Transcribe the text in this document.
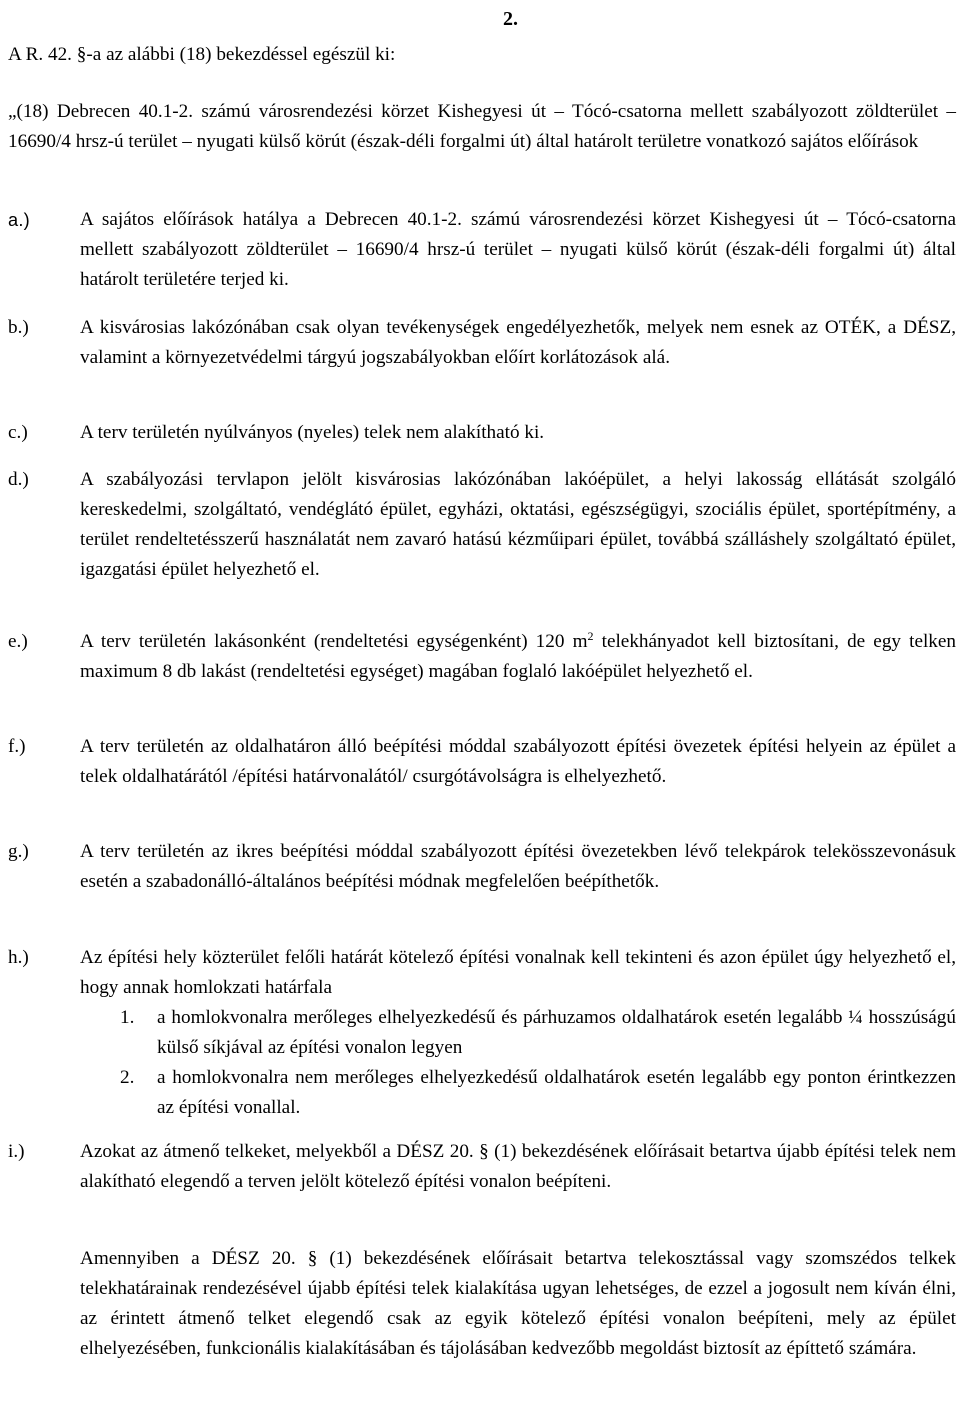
2.
A R. 42. §-a az alábbi (18) bekezdéssel egészül ki:
„(18) Debrecen 40.1-2. számú városrendezési körzet Kishegyesi út – Tócó-csatorna mellett szabályozott zöldterület – 16690/4 hrsz-ú terület – nyugati külső körút (észak-déli forgalmi út) által határolt területre vonatkozó sajátos előírások
a.)	A sajátos előírások hatálya a Debrecen 40.1-2. számú városrendezési körzet Kishegyesi út – Tócó-csatorna mellett szabályozott zöldterület – 16690/4 hrsz-ú terület – nyugati külső körút (észak-déli forgalmi út) által határolt területére terjed ki.
b.)	A kisvárosias lakózónában csak olyan tevékenységek engedélyezhetők, melyek nem esnek az OTÉK, a DÉSZ, valamint a környezetvédelmi tárgyú jogszabályokban előírt korlátozások alá.
c.)	A terv területén nyúlványos (nyeles) telek nem alakítható ki.
d.)	A szabályozási tervlapon jelölt kisvárosias lakózónában lakóépület, a helyi lakosság ellátását szolgáló kereskedelmi, szolgáltató, vendéglátó épület, egyházi, oktatási, egészségügyi, szociális épület, sportépítmény, a terület rendeltetésszerű használatát nem zavaró hatású kézműipari épület, továbbá szálláshely szolgáltató épület, igazgatási épület helyezhető el.
e.)	A terv területén lakásonként (rendeltetési egységenként) 120 $m^2$ telekhányadot kell biztosítani, de egy telken maximum 8 db lakást (rendeltetési egységet) magában foglaló lakóépület helyezhető el.
f.)	A terv területén az oldalhatáron álló beépítési móddal szabályozott építési övezetek építési helyein az épület a telek oldalhatárától /építési határvonalától/ csurgótávolságra is elhelyezhető.
g.)	A terv területén az ikres beépítési móddal szabályozott építési övezetekben lévő telekpárok telekösszevonásuk esetén a szabadonálló-általános beépítési módnak megfelelően beépíthetők.
h.)	Az építési hely közterület felőli határát kötelező építési vonalnak kell tekinteni és azon épület úgy helyezhető el, hogy annak homlokzati határfala
1. a homlokvonalra merőleges elhelyezkedésű és párhuzamos oldalhatárok esetén legalább ¼ hosszúságú külső síkjával az építési vonalon legyen
2. a homlokvonalra nem merőleges elhelyezkedésű oldalhatárok esetén legalább egy ponton érintkezzen az építési vonallal.
i.)	Azokat az átmenő telkeket, melyekből a DÉSZ 20. § (1) bekezdésének előírásait betartva újabb építési telek nem alakítható elegendő a terven jelölt kötelező építési vonalon beépíteni.
Amennyiben a DÉSZ 20. § (1) bekezdésének előírásait betartva telekosztással vagy szomszédos telkek telekhatárainak rendezésével újabb építési telek kialakítása ugyan lehetséges, de ezzel a jogosult nem kíván élni, az érintett átmenő telket elegendő csak az egyik kötelező építési vonalon beépíteni, mely az épület elhelyezésében, funkcionális kialakításában és tájolásában kedvezőbb megoldást biztosít az építtető számára.
